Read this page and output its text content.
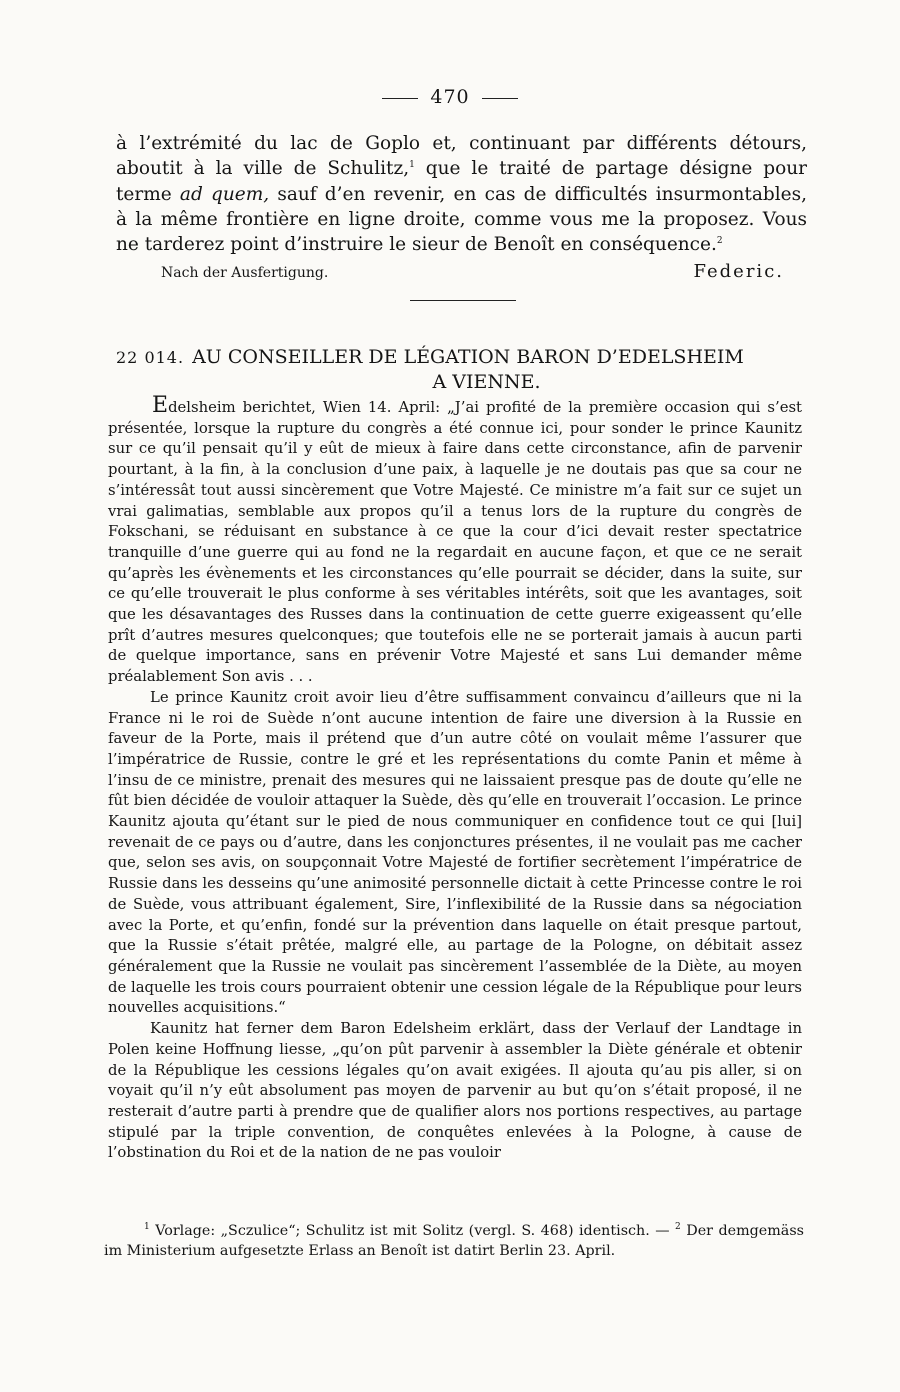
470

à l’extrémité du lac de Goplo et, continuant par différents détours,

aboutit à la ville de Schulitz,$^1$ que le traité de partage désigne pour

terme ad quem, sauf d’en revenir, en cas de difficultés insurmontables,

à la même frontière en ligne droite, comme vous me la proposez. Vous

ne tarderez point d’instruire le sieur de Benoît en conséquence.$^2$

Nach der Ausfertigung.	Federic.
22 014. AU CONSEILLER DE LÉGATION BARON D’EDELSHEIM
A VIENNE.

Edelsheim berichtet, Wien 14. April: „J’ai profité de la première occasion qui s’est présentée, lorsque la rupture du congrès a été connue ici, pour sonder le prince Kaunitz sur ce qu’il pensait qu’il y eût de mieux à faire dans cette circonstance, afin de parvenir pourtant, à la fin, à la conclusion d’une paix, à laquelle je ne doutais pas que sa cour ne s’intéressât tout aussi sincèrement que Votre Majesté. Ce ministre m’a fait sur ce sujet un vrai galimatias, semblable aux propos qu’il a tenus lors de la rupture du congrès de Fokschani, se réduisant en substance à ce que la cour d’ici devait rester spectatrice tranquille d’une guerre qui au fond ne la regardait en aucune façon, et que ce ne serait qu’après les évènements et les circonstances qu’elle pourrait se décider, dans la suite, sur ce qu’elle trouverait le plus conforme à ses véritables intérêts, soit que les avantages, soit que les désavantages des Russes dans la continuation de cette guerre exigeassent qu’elle prît d’autres mesures quelconques; que toutefois elle ne se porterait jamais à aucun parti de quelque importance, sans en prévenir Votre Majesté et sans Lui demander même préalablement Son avis . . .

Le prince Kaunitz croit avoir lieu d’être suffisamment convaincu d’ailleurs que ni la France ni le roi de Suède n’ont aucune intention de faire une diversion à la Russie en faveur de la Porte, mais il prétend que d’un autre côté on voulait même l’assurer que l’impératrice de Russie, contre le gré et les représentations du comte Panin et même à l’insu de ce ministre, prenait des mesures qui ne laissaient presque pas de doute qu’elle ne fût bien décidée de vouloir attaquer la Suède, dès qu’elle en trouverait l’occasion. Le prince Kaunitz ajouta qu’étant sur le pied de nous communiquer en confidence tout ce qui [lui] revenait de ce pays ou d’autre, dans les conjonctures présentes, il ne voulait pas me cacher que, selon ses avis, on soupçonnait Votre Majesté de fortifier secrètement l’impératrice de Russie dans les desseins qu’une animosité personnelle dictait à cette Princesse contre le roi de Suède, vous attribuant également, Sire, l’inflexibilité de la Russie dans sa négociation avec la Porte, et qu’enfin, fondé sur la prévention dans laquelle on était presque partout, que la Russie s’était prêtée, malgré elle, au partage de la Pologne, on débitait assez généralement que la Russie ne voulait pas sincèrement l’assemblée de la Diète, au moyen de laquelle les trois cours pourraient obtenir une cession légale de la République pour leurs nouvelles acquisitions.“

Kaunitz hat ferner dem Baron Edelsheim erklärt, dass der Verlauf der Landtage in Polen keine Hoffnung liesse, „qu’on pût parvenir à assembler la Diète générale et obtenir de la République les cessions légales qu’on avait exigées. Il ajouta qu’au pis aller, si on voyait qu’il n’y eût absolument pas moyen de parvenir au but qu’on s’était proposé, il ne resterait d’autre parti à prendre que de qualifier alors nos portions respectives, au partage stipulé par la triple convention, de conquêtes enlevées à la Pologne, à cause de l’obstination du Roi et de la nation de ne pas vouloir

$^1$ Vorlage: „Sczulice“; Schulitz ist mit Solitz (vergl. S. 468) identisch. — $^2$ Der demgemäss im Ministerium aufgesetzte Erlass an Benoît ist datirt Berlin 23. April.
